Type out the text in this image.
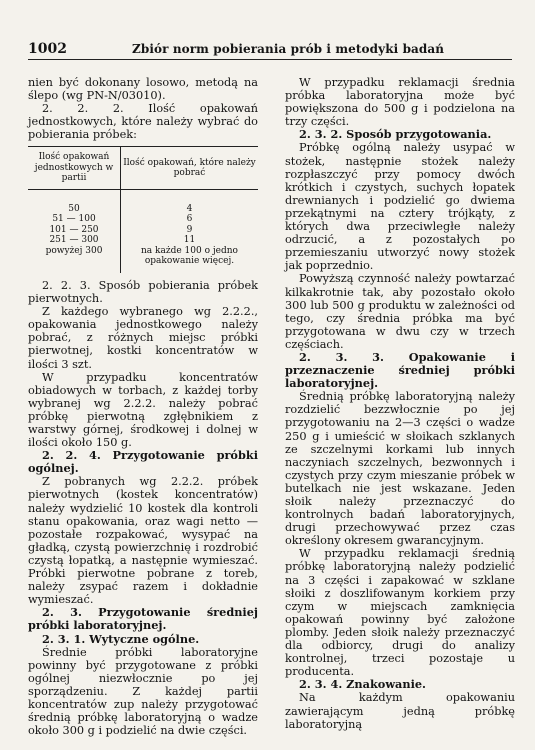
1002	Zbiór norm pobierania prób i metodyki badań

nien być dokonany losowo, metodą na ślepo (wg PN-N/03010).

2. 2. 2. Ilość opakowań jednostkowych, które należy wybrać do pobierania próbek:

Ilość opakowań jednostkowych w partii	Ilość opakowań, które należy pobrać
50	4
51 — 100	6
101 — 250	9
251 — 300	11
powyżej 300	na każde 100 o jedno opakowanie więcej.

2. 2. 3. Sposób pobierania próbek pierwotnych.

Z każdego wybranego wg 2.2.2., opakowania jednostkowego należy pobrać, z różnych miejsc próbki pierwotnej, kostki koncentratów w ilości 3 szt.

W przypadku koncentratów obiadowych w torbach, z każdej torby wybranej wg 2.2.2. należy pobrać próbkę pierwotną zgłębnikiem z warstwy górnej, środkowej i dolnej w ilości około 150 g.

2. 2. 4. Przygotowanie próbki ogólnej.

Z pobranych wg 2.2.2. próbek pierwotnych (kostek koncentratów) należy wydzielić 10 kostek dla kontroli stanu opakowania, oraz wagi netto — pozostałe rozpakować, wysypać na gładką, czystą powierzchnię i rozdrobić czystą łopatką, a następnie wymieszać. Próbki pierwotne pobrane z toreb, należy zsypać razem i dokładnie wymieszać.

2. 3. Przygotowanie średniej próbki laboratoryjnej.

2. 3. 1. Wytyczne ogólne.

Średnie próbki laboratoryjne powinny być przygotowane z próbki ogólnej niezwłocznie po jej sporządzeniu. Z każdej partii koncentratów zup należy przygotować średnią próbkę laboratoryjną o wadze około 300 g i podzielić na dwie części.

W przypadku reklamacji średnia próbka laboratoryjna może być powiększona do 500 g i podzielona na trzy części.

2. 3. 2. Sposób przygotowania.

Próbkę ogólną należy usypać w stożek, następnie stożek należy rozpłaszczyć przy pomocy dwóch krótkich i czystych, suchych łopatek drewnianych i podzielić go dwiema przekątnymi na cztery trójkąty, z których dwa przeciwległe należy odrzucić, a z pozostałych po przemieszaniu utworzyć nowy stożek jak poprzednio.

Powyższą czynność należy powtarzać kilkakrotnie tak, aby pozostało około 300 lub 500 g produktu w zależności od tego, czy średnia próbka ma być przygotowana w dwu czy w trzech częściach.

2. 3. 3. Opakowanie i przeznaczenie średniej próbki laboratoryjnej.

Średnią próbkę laboratoryjną należy rozdzielić bezzwłocznie po jej przygotowaniu na 2—3 części o wadze 250 g i umieścić w słoikach szklanych ze szczelnymi korkami lub innych naczyniach szczelnych, bezwonnych i czystych przy czym mieszanie próbek w butelkach nie jest wskazane. Jeden słoik należy przeznaczyć do kontrolnych badań laboratoryjnych, drugi przechowywać przez czas określony okresem gwarancyjnym.

W przypadku reklamacji średnią próbkę laboratoryjną należy podzielić na 3 części i zapakować w szklane słoiki z doszlifowanym korkiem przy czym w miejscach zamknięcia opakowań powinny być założone plomby. Jeden słoik należy przeznaczyć dla odbiorcy, drugi do analizy kontrolnej, trzeci pozostaje u producenta.

2. 3. 4. Znakowanie.

Na każdym opakowaniu zawierającym jedną próbkę laboratoryjną
